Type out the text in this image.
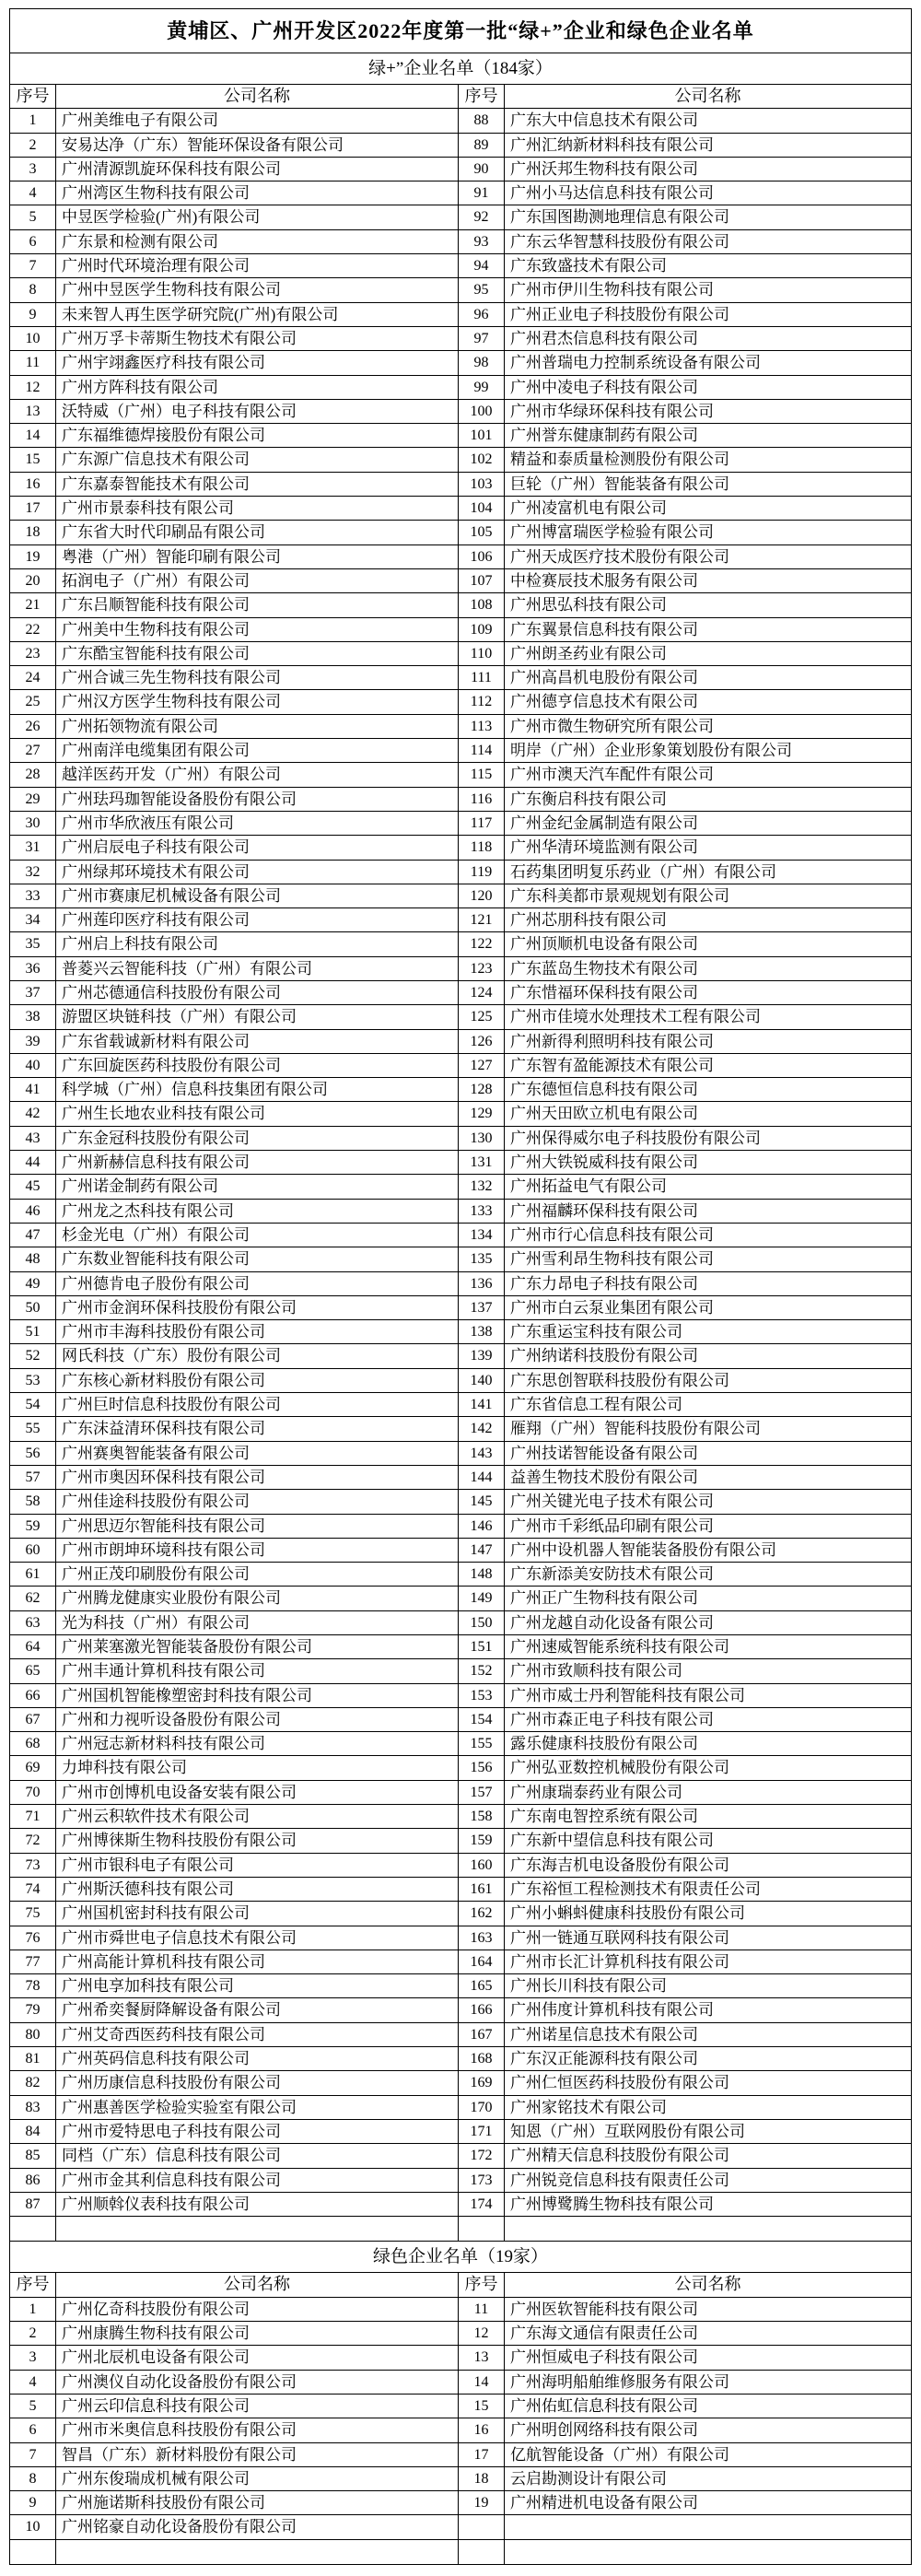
黄埔区、广州开发区2022年度第一批“绿+”企业和绿色企业名单
绿+”企业名单（184家）
序号	公司名称	序号	公司名称
1	广州美维电子有限公司	88	广东大中信息技术有限公司
2	安易达净（广东）智能环保设备有限公司	89	广州汇纳新材料科技有限公司
3	广州清源凯旋环保科技有限公司	90	广州沃邦生物科技有限公司
4	广州湾区生物科技有限公司	91	广州小马达信息科技有限公司
5	中昱医学检验(广州)有限公司	92	广东国图勘测地理信息有限公司
6	广东景和检测有限公司	93	广东云华智慧科技股份有限公司
7	广州时代环境治理有限公司	94	广东致盛技术有限公司
8	广州中昱医学生物科技有限公司	95	广州市伊川生物科技有限公司
9	未来智人再生医学研究院(广州)有限公司	96	广州正业电子科技股份有限公司
10	广州万孚卡蒂斯生物技术有限公司	97	广州君杰信息科技有限公司
11	广州宇翊鑫医疗科技有限公司	98	广州普瑞电力控制系统设备有限公司
12	广州方阵科技有限公司	99	广州中凌电子科技有限公司
13	沃特威（广州）电子科技有限公司	100	广州市华绿环保科技有限公司
14	广东福维德焊接股份有限公司	101	广州誉东健康制药有限公司
15	广东源广信息技术有限公司	102	精益和泰质量检测股份有限公司
16	广东嘉泰智能技术有限公司	103	巨轮（广州）智能装备有限公司
17	广州市景泰科技有限公司	104	广州凌富机电有限公司
18	广东省大时代印刷品有限公司	105	广州博富瑞医学检验有限公司
19	粤港（广州）智能印刷有限公司	106	广州天成医疗技术股份有限公司
20	拓润电子（广州）有限公司	107	中检赛辰技术服务有限公司
21	广东吕顺智能科技有限公司	108	广州思弘科技有限公司
22	广州美中生物科技有限公司	109	广东翼景信息科技有限公司
23	广东酷宝智能科技有限公司	110	广州朗圣药业有限公司
24	广州合诚三先生物科技有限公司	111	广州高昌机电股份有限公司
25	广州汉方医学生物科技有限公司	112	广州德亨信息技术有限公司
26	广州拓领物流有限公司	113	广州市微生物研究所有限公司
27	广州南洋电缆集团有限公司	114	明岸（广州）企业形象策划股份有限公司
28	越洋医药开发（广州）有限公司	115	广州市澳天汽车配件有限公司
29	广州珐玛珈智能设备股份有限公司	116	广东衡启科技有限公司
30	广州市华欣液压有限公司	117	广州金纪金属制造有限公司
31	广州启辰电子科技有限公司	118	广州华清环境监测有限公司
32	广州绿邦环境技术有限公司	119	石药集团明复乐药业（广州）有限公司
33	广州市赛康尼机械设备有限公司	120	广东科美都市景观规划有限公司
34	广州莲印医疗科技有限公司	121	广州芯朋科技有限公司
35	广州启上科技有限公司	122	广州顶顺机电设备有限公司
36	普菱兴云智能科技（广州）有限公司	123	广东蓝岛生物技术有限公司
37	广州芯德通信科技股份有限公司	124	广东惜福环保科技有限公司
38	游盟区块链科技（广州）有限公司	125	广州市佳境水处理技术工程有限公司
39	广东省载诚新材料有限公司	126	广州新得利照明科技有限公司
40	广东回旋医药科技股份有限公司	127	广东智有盈能源技术有限公司
41	科学城（广州）信息科技集团有限公司	128	广东德恒信息科技有限公司
42	广州生长地农业科技有限公司	129	广州天田欧立机电有限公司
43	广东金冠科技股份有限公司	130	广州保得威尔电子科技股份有限公司
44	广州新赫信息科技有限公司	131	广州大铁锐威科技有限公司
45	广州诺金制药有限公司	132	广州拓益电气有限公司
46	广州龙之杰科技有限公司	133	广州福麟环保科技有限公司
47	杉金光电（广州）有限公司	134	广州市行心信息科技有限公司
48	广东数业智能科技有限公司	135	广州雪利昂生物科技有限公司
49	广州德肯电子股份有限公司	136	广东力昂电子科技有限公司
50	广州市金润环保科技股份有限公司	137	广州市白云泵业集团有限公司
51	广州市丰海科技股份有限公司	138	广东重运宝科技有限公司
52	网氏科技（广东）股份有限公司	139	广州纳诺科技股份有限公司
53	广东核心新材料股份有限公司	140	广东思创智联科技股份有限公司
54	广州巨时信息科技股份有限公司	141	广东省信息工程有限公司
55	广东沫益清环保科技有限公司	142	雁翔（广州）智能科技股份有限公司
56	广州赛奥智能装备有限公司	143	广州技诺智能设备有限公司
57	广州市奥因环保科技有限公司	144	益善生物技术股份有限公司
58	广州佳途科技股份有限公司	145	广州关键光电子技术有限公司
59	广州思迈尔智能科技有限公司	146	广州市千彩纸品印刷有限公司
60	广州市朗坤环境科技有限公司	147	广州中设机器人智能装备股份有限公司
61	广州正茂印刷股份有限公司	148	广东新添美安防技术有限公司
62	广州腾龙健康实业股份有限公司	149	广州正广生物科技有限公司
63	光为科技（广州）有限公司	150	广州龙越自动化设备有限公司
64	广州莱塞激光智能装备股份有限公司	151	广州速威智能系统科技有限公司
65	广州丰通计算机科技有限公司	152	广州市致顺科技有限公司
66	广州国机智能橡塑密封科技有限公司	153	广州市威士丹利智能科技有限公司
67	广州和力视听设备股份有限公司	154	广州市森正电子科技有限公司
68	广州冠志新材料科技有限公司	155	露乐健康科技股份有限公司
69	力坤科技有限公司	156	广州弘亚数控机械股份有限公司
70	广州市创博机电设备安装有限公司	157	广州康瑞泰药业有限公司
71	广州云积软件技术有限公司	158	广东南电智控系统有限公司
72	广州博徕斯生物科技股份有限公司	159	广东新中望信息科技有限公司
73	广州市银科电子有限公司	160	广东海吉机电设备股份有限公司
74	广州斯沃德科技有限公司	161	广东裕恒工程检测技术有限责任公司
75	广州国机密封科技有限公司	162	广州小蝌蚪健康科技股份有限公司
76	广州市舜世电子信息技术有限公司	163	广州一链通互联网科技有限公司
77	广州高能计算机科技有限公司	164	广州市长汇计算机科技有限公司
78	广州电享加科技有限公司	165	广州长川科技有限公司
79	广州希奕餐厨降解设备有限公司	166	广州伟度计算机科技有限公司
80	广州艾奇西医药科技有限公司	167	广州诺星信息技术有限公司
81	广州英码信息科技有限公司	168	广东汉正能源科技有限公司
82	广州历康信息科技股份有限公司	169	广州仁恒医药科技股份有限公司
83	广州惠善医学检验实验室有限公司	170	广州家铭技术有限公司
84	广州市爱特思电子科技有限公司	171	知恩（广州）互联网股份有限公司
85	同档（广东）信息科技有限公司	172	广州精天信息科技股份有限公司
86	广州市金其利信息科技有限公司	173	广州锐竞信息科技有限责任公司
87	广州顺斡仪表科技有限公司	174	广州博鹭腾生物科技有限公司
绿色企业名单（19家）
序号	公司名称	序号	公司名称
1	广州亿奇科技股份有限公司	11	广州医软智能科技有限公司
2	广州康腾生物科技有限公司	12	广东海文通信有限责任公司
3	广州北辰机电设备有限公司	13	广州恒威电子科技有限公司
4	广州澳仪自动化设备股份有限公司	14	广州海明船舶维修服务有限公司
5	广州云印信息科技有限公司	15	广州佑虹信息科技有限公司
6	广州市米奥信息科技股份有限公司	16	广州明创网络科技有限公司
7	智昌（广东）新材料股份有限公司	17	亿航智能设备（广州）有限公司
8	广州东俊瑞成机械有限公司	18	云启勘测设计有限公司
9	广州施诺斯科技股份有限公司	19	广州精进机电设备有限公司
10	广州铭豪自动化设备股份有限公司
